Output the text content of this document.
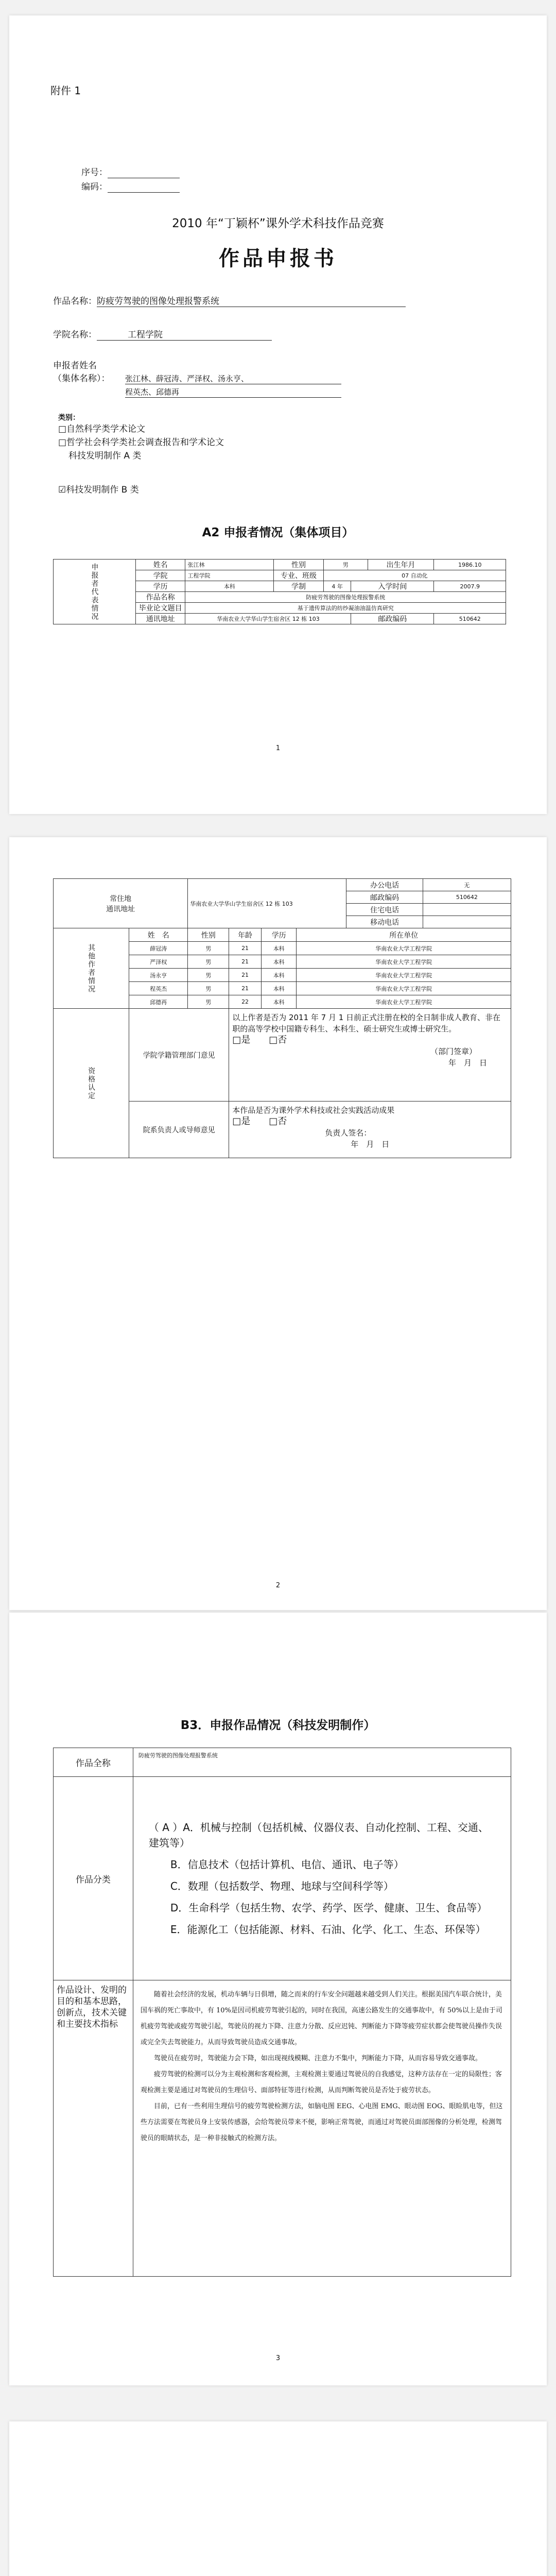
附件 1
序号：
编码：
2010 年“丁颖杯”课外学术科技作品竞赛
作品申报书
作品名称：防疲劳驾驶的图像处理报警系统
学院名称：	工程学院
申报者姓名
（集体名称）： 张江林、薛冠涛、严泽权、汤永亨、 程英杰、邱德再
类别：
□自然科学类学术论文
□哲学社会科学类社会调查报告和学术论文
科技发明制作 A 类
☑科技发明制作 B 类
A2 申报者情况（集体项目）
申报者代表情况	姓名	张江林	性别	男		出生年月	1986.10
	学院	工程学院	专业、班级	07 自动化			
	学历	本科	学制	4 年	入学时间		2007.9
	作品名称	防疲劳驾驶的图像处理报警系统					
	毕业论文题目	基于遗传算法的纺纱凝油油温仿真研究					
	通讯地址	华南农业大学华山学生宿舍区 12 栋 103			邮政编码		510642
1
常住地
通讯地址		华南农业大学华山学生宿舍区 12 栋 103				办公电话	无
						邮政编码	510642
						住宅电话	
						移动电话	
其他作者情况	姓　名	性别	年龄	学历	所在单位		
	薛冠涛	男	21	本科	华南农业大学工程学院		
	严泽权	男	21	本科	华南农业大学工程学院		
	汤永亨	男	21	本科	华南农业大学工程学院		
	程英杰	男	21	本科	华南农业大学工程学院		
	邱德再	男	22	本科	华南农业大学工程学院		
资格认定	学院学籍管理部门意见		以上作者是否为 2011 年 7 月 1 日前正式注册在校的全日制非成人教育、非在职的高等学校中国籍专科生、本科生、硕士研究生或博士研究生。
□是　　□否
（部门签章）
年　月　日				

	院系负责人或导师意见		本作品是否为课外学术科技或社会实践活动成果
□是　　□否
负责人签名：
年　月　日				
2
B3．申报作品情况（科技发明制作）
作品全称	防疲劳驾驶的图像处理报警系统
作品分类	（ A ）A．机械与控制（包括机械、仪器仪表、自动化控制、工程、交通、建筑等）
B．信息技术（包括计算机、电信、通讯、电子等）
C．数理（包括数学、物理、地球与空间科学等）
D．生命科学（包括生物、农学、药学、医学、健康、卫生、食品等）
E．能源化工（包括能源、材料、石油、化学、化工、生态、环保等）

作品设计、发明的目的和基本思路，创新点，技术关键和主要技术指标	随着社会经济的发展，机动车辆与日俱增，随之而来的行车安全问题越来越受到人们关注。根据美国汽车联合统计，美国车祸的死亡事故中，有 10%是因司机疲劳驾驶引起的，同时在我国，高速公路发生的交通事故中，有 50%以上是由于司机疲劳驾驶或疲劳驾驶引起，驾驶员的视力下降、注意力分散、反应迟钝、判断能力下降等疲劳症状都会使驾驶员操作失误或完全失去驾驶能力。从而导致驾驶员造成交通事故。
驾驶员在疲劳时，驾驶能力会下降，如出现视线模糊、注意力不集中，判断能力下降，从而容易导致交通事故。
疲劳驾驶的检测可以分为主观检测和客观检测，主观检测主要通过驾驶员的自我感觉，这种方法存在一定的局限性；客观检测主要是通过对驾驶员的生理信号、面部特征等进行检测，从而判断驾驶员是否处于疲劳状态。
目前，已有一些利用生理信号的疲劳驾驶检测方法，如脑电图 EEG、心电图 EMG、眼动图 EOG、眼睑肌电等，但这些方法需要在驾驶员身上安装传感器，会给驾驶员带来不便，影响正常驾驶，而通过对驾驶员面部图像的分析处理，检测驾驶员的眼睛状态，是一种非接触式的检测方法。
3
